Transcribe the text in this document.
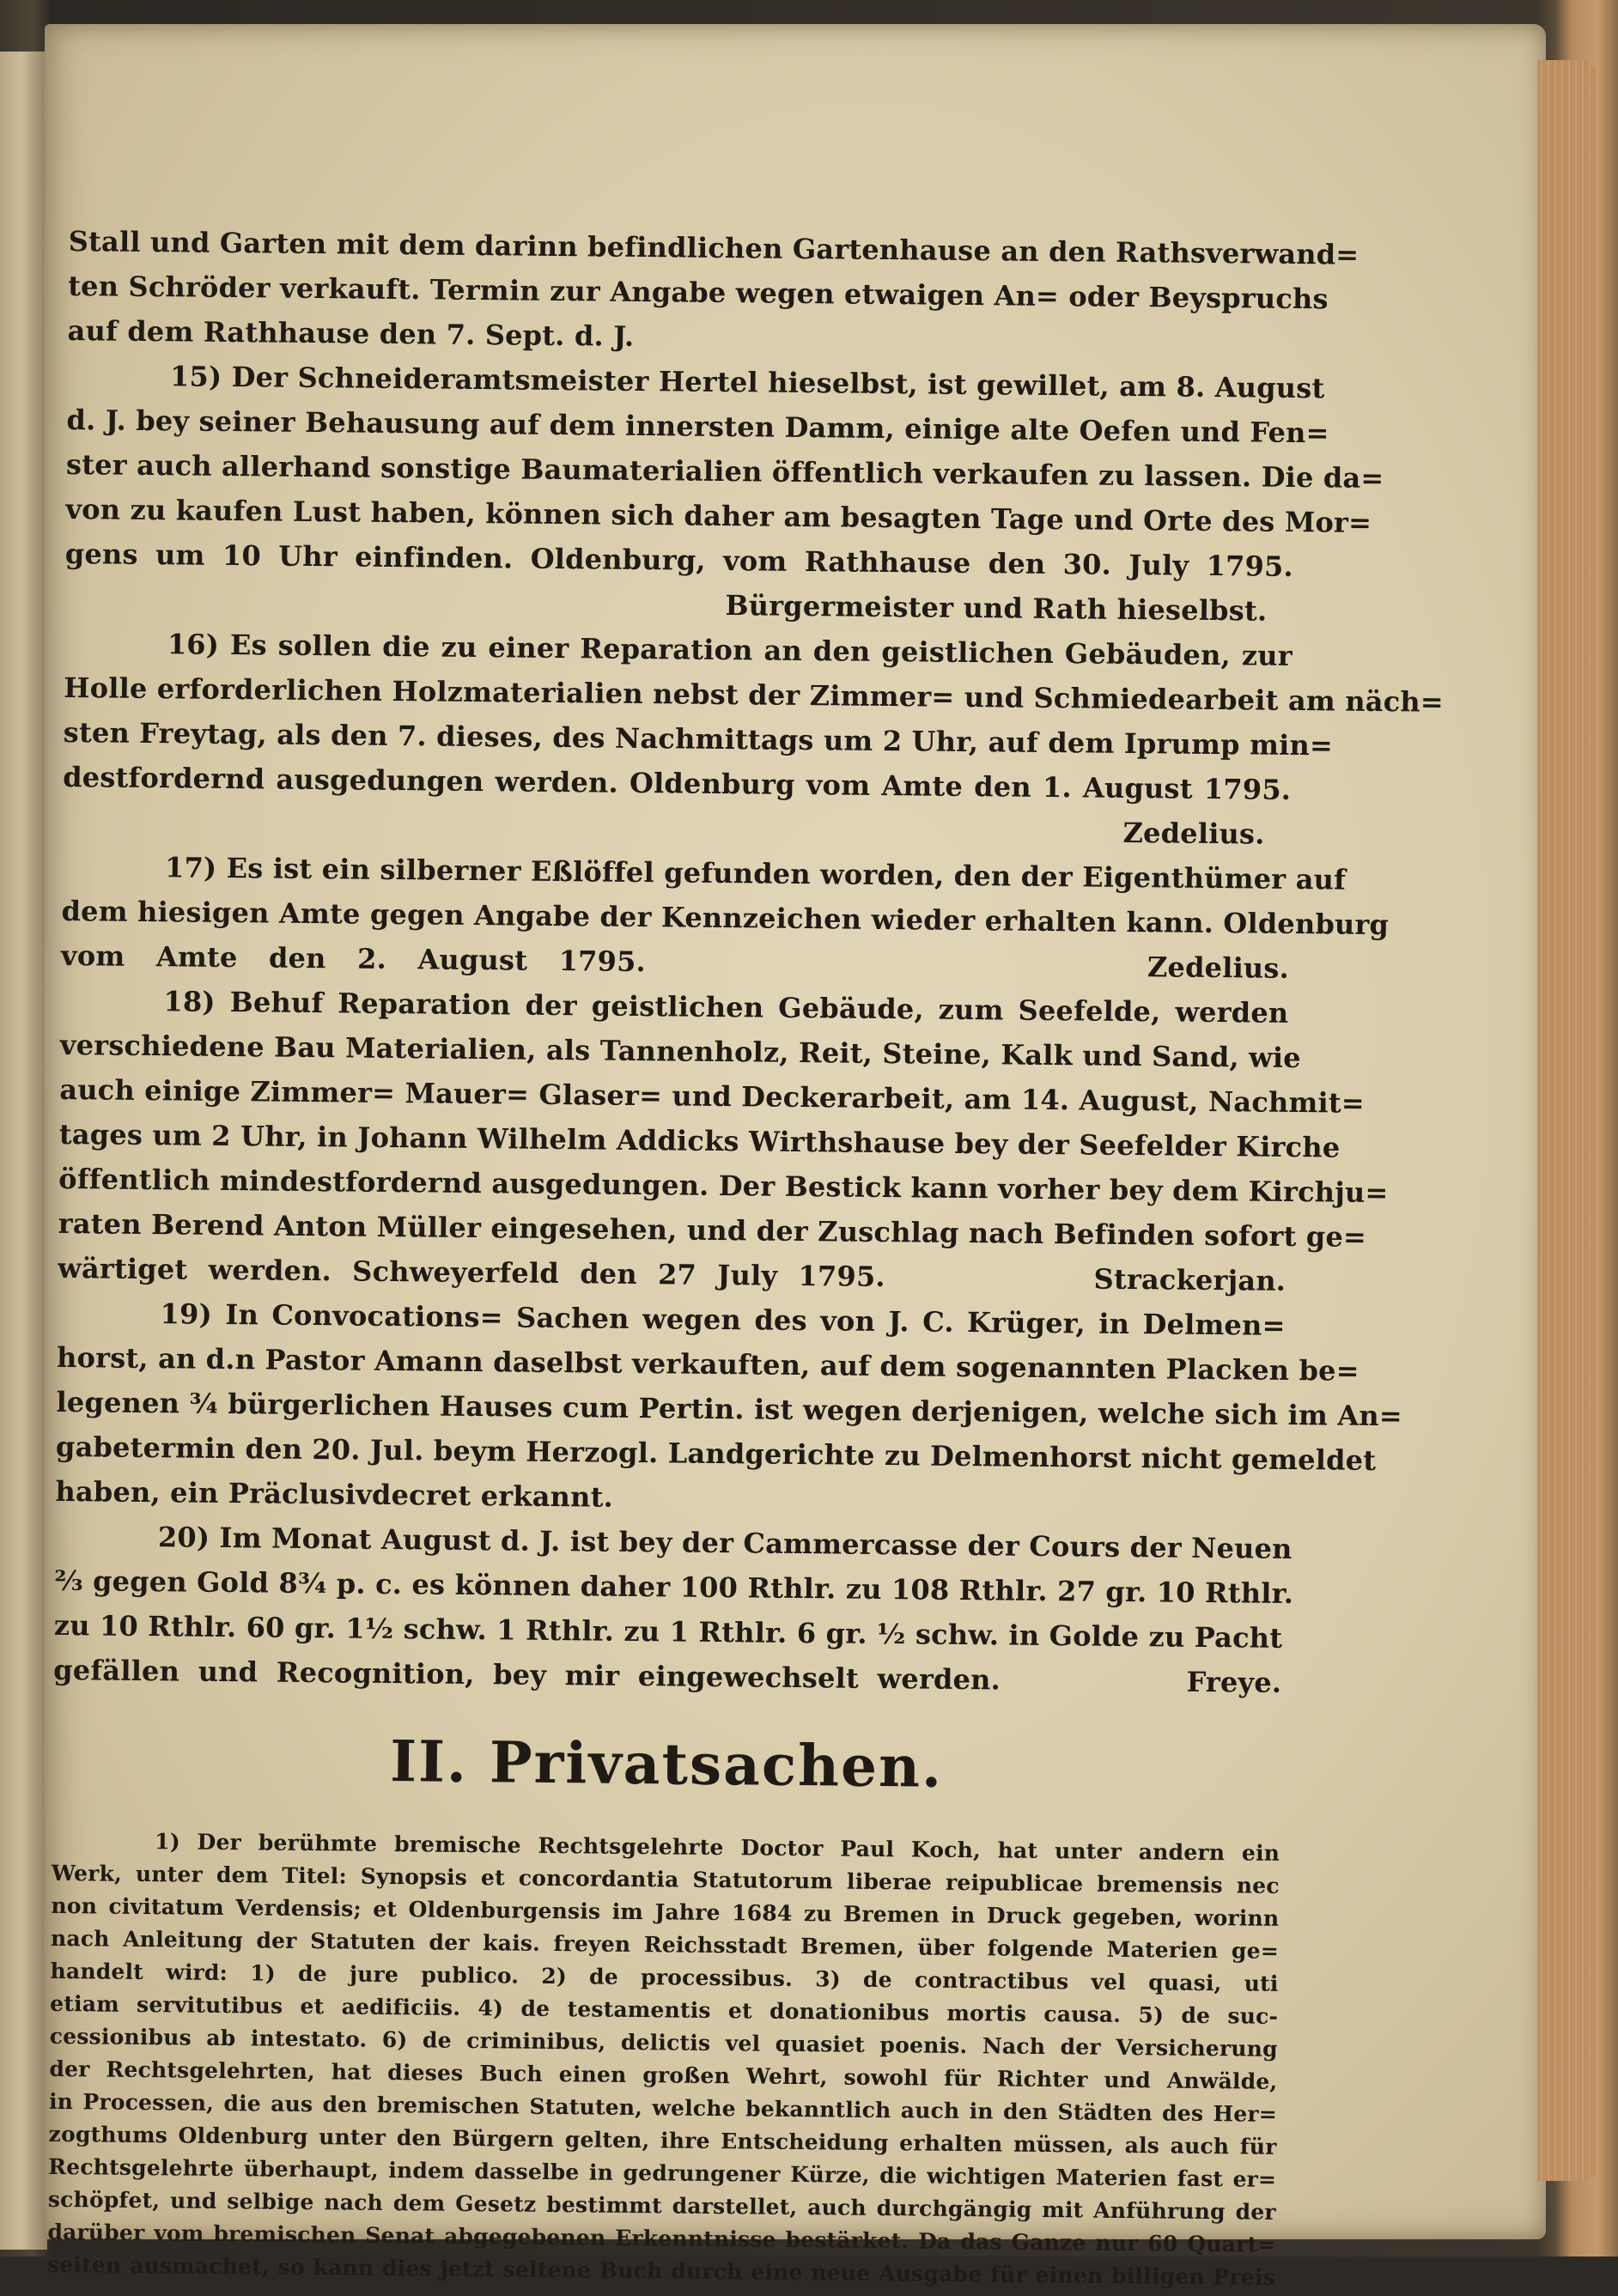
Stall und Garten mit dem darinn befindlichen Gartenhause an den Rathsverwand=
ten Schröder verkauft. Termin zur Angabe wegen etwaigen An= oder Beyspruchs
auf dem Rathhause den 7. Sept. d. J.
15) Der Schneideramtsmeister Hertel hieselbst, ist gewillet, am 8. August
d. J. bey seiner Behausung auf dem innersten Damm, einige alte Oefen und Fen=
ster auch allerhand sonstige Baumaterialien öffentlich verkaufen zu lassen. Die da=
von zu kaufen Lust haben, können sich daher am besagten Tage und Orte des Mor=
gens um 10 Uhr einfinden. Oldenburg, vom Rathhause den 30. July 1795.
Bürgermeister und Rath hieselbst.
16) Es sollen die zu einer Reparation an den geistlichen Gebäuden, zur
Holle erforderlichen Holzmaterialien nebst der Zimmer= und Schmiedearbeit am näch=
sten Freytag, als den 7. dieses, des Nachmittags um 2 Uhr, auf dem Iprump min=
destfordernd ausgedungen werden. Oldenburg vom Amte den 1. August 1795.
Zedelius.
17) Es ist ein silberner Eßlöffel gefunden worden, den der Eigenthümer auf
dem hiesigen Amte gegen Angabe der Kennzeichen wieder erhalten kann. Oldenburg
vom Amte den 2. August 1795.                Zedelius.
18) Behuf Reparation der geistlichen Gebäude, zum Seefelde, werden
verschiedene Bau Materialien, als Tannenholz, Reit, Steine, Kalk und Sand, wie
auch einige Zimmer= Mauer= Glaser= und Deckerarbeit, am 14. August, Nachmit=
tages um 2 Uhr, in Johann Wilhelm Addicks Wirthshause bey der Seefelder Kirche
öffentlich mindestfordernd ausgedungen. Der Bestick kann vorher bey dem Kirchju=
raten Berend Anton Müller eingesehen, und der Zuschlag nach Befinden sofort ge=
wärtiget werden. Schweyerfeld den 27 July 1795.          Strackerjan.
19) In Convocations= Sachen wegen des von J. C. Krüger, in Delmen=
horst, an d.n Pastor Amann daselbst verkauften, auf dem sogenannten Placken be=
legenen ¾ bürgerlichen Hauses cum Pertin. ist wegen derjenigen, welche sich im An=
gabetermin den 20. Jul. beym Herzogl. Landgerichte zu Delmenhorst nicht gemeldet
haben, ein Präclusivdecret erkannt.
20) Im Monat August d. J. ist bey der Cammercasse der Cours der Neuen
⅔ gegen Gold 8¾ p. c. es können daher 100 Rthlr. zu 108 Rthlr. 27 gr. 10 Rthlr.
zu 10 Rthlr. 60 gr. 1½ schw. 1 Rthlr. zu 1 Rthlr. 6 gr. ½ schw. in Golde zu Pacht
gefällen und Recognition, bey mir eingewechselt werden.          Freye.
II. Privatsachen.
1) Der berühmte bremische Rechtsgelehrte Doctor Paul Koch, hat unter andern ein
Werk, unter dem Titel: Synopsis et concordantia Statutorum liberae reipublicae bremensis nec
non civitatum Verdensis; et Oldenburgensis im Jahre 1684 zu Bremen in Druck gegeben, worinn
nach Anleitung der Statuten der kais. freyen Reichsstadt Bremen, über folgende Materien ge=
handelt wird: 1) de jure publico. 2) de processibus. 3) de contractibus vel quasi, uti
etiam servitutibus et aedificiis. 4) de testamentis et donationibus mortis causa. 5) de suc-
cessionibus ab intestato. 6) de criminibus, delictis vel quasiet poenis. Nach der Versicherung
der Rechtsgelehrten, hat dieses Buch einen großen Wehrt, sowohl für Richter und Anwälde,
in Processen, die aus den bremischen Statuten, welche bekanntlich auch in den Städten des Her=
zogthums Oldenburg unter den Bürgern gelten, ihre Entscheidung erhalten müssen, als auch für
Rechtsgelehrte überhaupt, indem dasselbe in gedrungener Kürze, die wichtigen Materien fast er=
schöpfet, und selbige nach dem Gesetz bestimmt darstellet, auch durchgängig mit Anführung der
darüber vom bremischen Senat abgegebenen Erkenntnisse bestärket. Da das Ganze nur 60 Quart=
seiten ausmachet, so kann dies jetzt seltene Buch durch eine neue Ausgabe für einen billigen Preis
